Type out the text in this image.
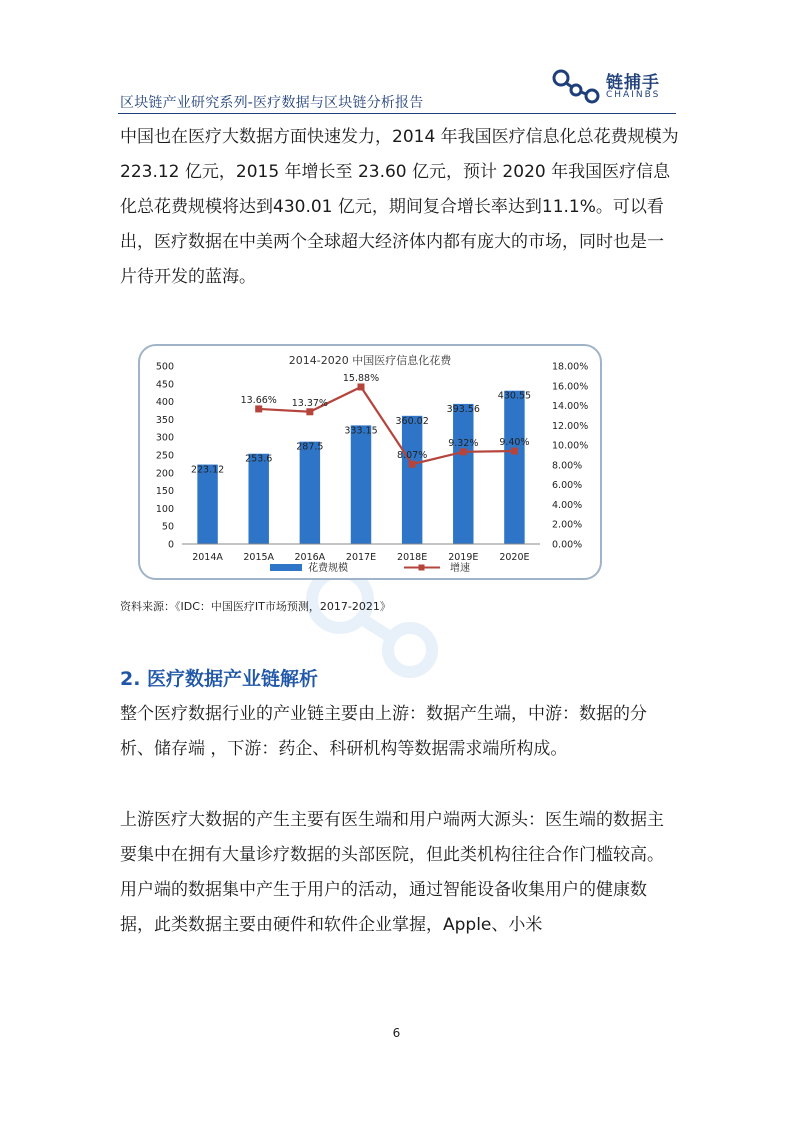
区块链产业研究系列-医疗数据与区块链分析报告
链捕手
CHAINBS

中国也在医疗大数据方面快速发力，2014 年我国医疗信息化总花费规模为 223.12 亿元，2015 年增长至 23.60 亿元，预计 2020 年我国医疗信息化总花费规模将达到430.01 亿元，期间复合增长率达到11.1%。可以看出，医疗数据在中美两个全球超大经济体内都有庞大的市场，同时也是一片待开发的蓝海。

2014-2020 中国医疗信息化花费
223.12
253.6
287.5
333.15
360.02
393.56
430.55
13.66% 13.37%
15.88%
8.07%
9.32% 9.40%
0
50
100
150
200
250
300
350
400
450
500
0.00%
2.00%
4.00%
6.00%
8.00%
10.00%
12.00%
14.00%
16.00%
18.00%
2014A 2015A 2016A 2017E 2018E 2019E 2020E
花费规模	增速
资料来源：《IDC：中国医疗IT市场预测，2017-2021》
2. 医疗数据产业链解析

整个医疗数据行业的产业链主要由上游：数据产生端，中游：数据的分析、储存端 ，下游：药企、科研机构等数据需求端所构成。

上游医疗大数据的产生主要有医生端和用户端两大源头：医生端的数据主要集中在拥有大量诊疗数据的头部医院，但此类机构往往合作门槛较高。用户端的数据集中产生于用户的活动，通过智能设备收集用户的健康数据，此类数据主要由硬件和软件企业掌握，Apple、小米

6
